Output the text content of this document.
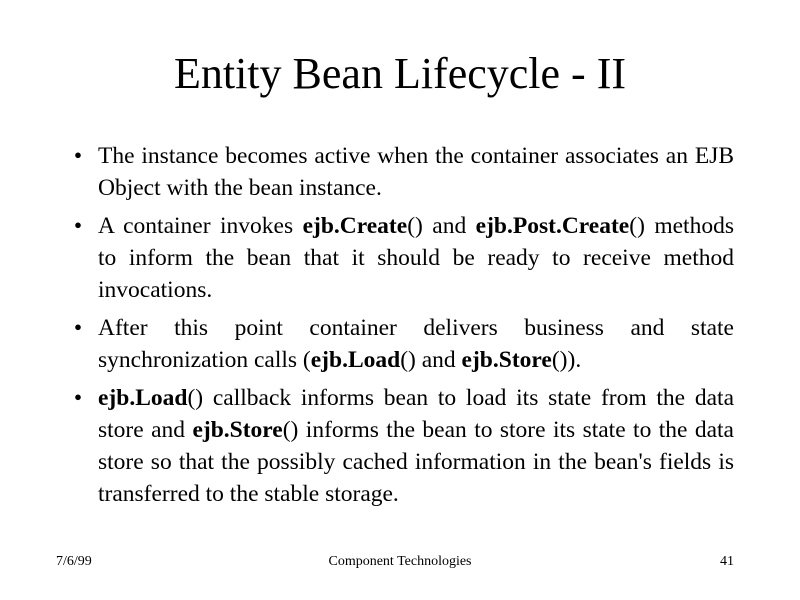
Entity Bean Lifecycle - II
• The instance becomes active when the container associates an EJB Object with the bean instance.
• A container invokes ejb.Create() and ejb.Post.Create() methods to inform the bean that it should be ready to receive method invocations.
• After this point container delivers business and state synchronization calls (ejb.Load() and ejb.Store()).
• ejb.Load() callback informs bean to load its state from the data store and ejb.Store() informs the bean to store its state to the data store so that the possibly cached information in the bean's fields is transferred to the stable storage.
7/6/99	Component Technologies	41
